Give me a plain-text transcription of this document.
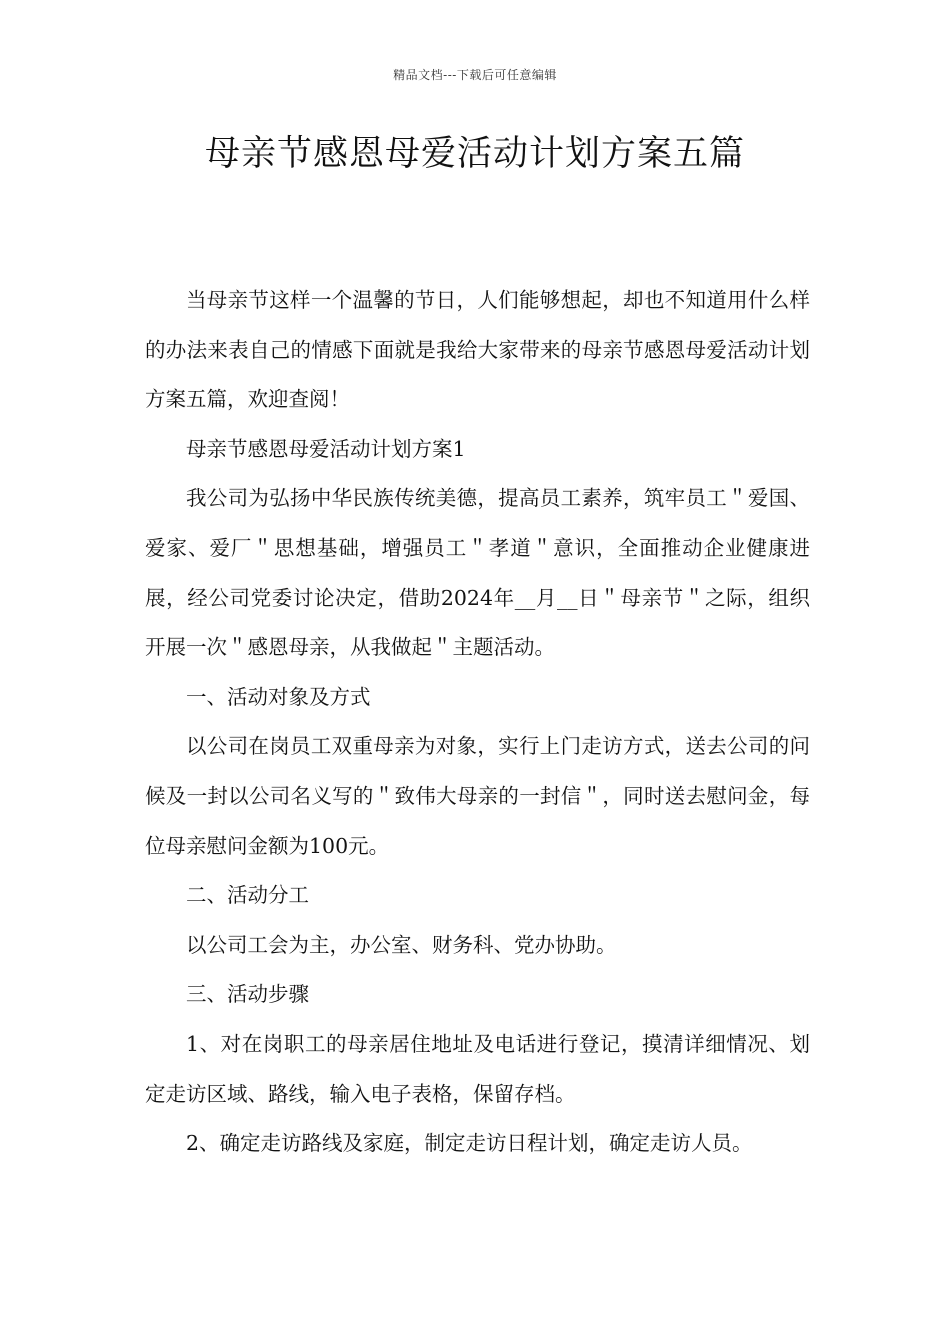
精品文档---下载后可任意编辑
母亲节感恩母爱活动计划方案五篇

当母亲节这样一个温馨的节日，人们能够想起，却也不知道用什么样的办法来表自己的情感下面就是我给大家带来的母亲节感恩母爱活动计划方案五篇，欢迎查阅！

母亲节感恩母爱活动计划方案1

我公司为弘扬中华民族传统美德，提高员工素养，筑牢员工＂爱国、爱家、爱厂＂思想基础，增强员工＂孝道＂意识，全面推动企业健康进展，经公司党委讨论决定，借助2024年__月__日＂母亲节＂之际，组织开展一次＂感恩母亲，从我做起＂主题活动。

一、活动对象及方式

以公司在岗员工双重母亲为对象，实行上门走访方式，送去公司的问候及一封以公司名义写的＂致伟大母亲的一封信＂，同时送去慰问金，每位母亲慰问金额为100元。

二、活动分工

以公司工会为主，办公室、财务科、党办协助。

三、活动步骤

1、对在岗职工的母亲居住地址及电话进行登记，摸清详细情况、划定走访区域、路线，输入电子表格，保留存档。

2、确定走访路线及家庭，制定走访日程计划，确定走访人员。
